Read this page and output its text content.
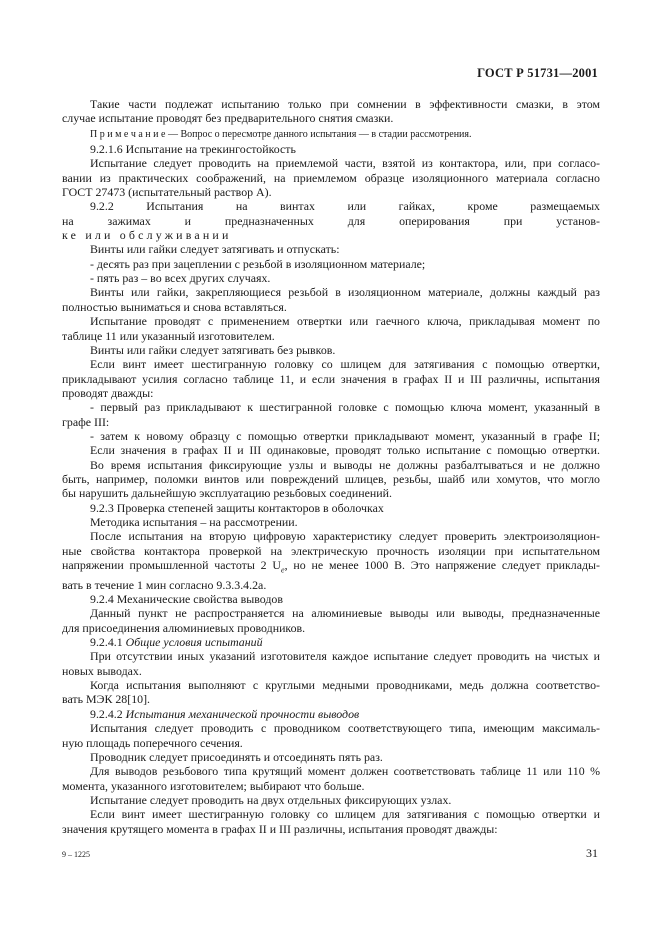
ГОСТ Р 51731—2001
Такие части подлежат испытанию только при сомнении в эффективности смазки, в этом
случае испытание проводят без предварительного снятия смазки.
П р и м е ч а н и е — Вопрос о пересмотре данного испытания — в стадии рассмотрения.
9.2.1.6 Испытание на трекингостойкость
Испытание следует проводить на приемлемой части, взятой из контактора, или, при согласо-
вании из практических соображений, на приемлемом образце изоляционного материала согласно
ГОСТ 27473 (испытательный раствор А).
9.2.2 Испытания на винтах или гайках, кроме размещаемых
на зажимах и предназначенных для оперирования при установ-
ке или обслуживании
Винты или гайки следует затягивать и отпускать:
- десять раз при зацеплении с резьбой в изоляционном материале;
- пять раз – во всех других случаях.
Винты или гайки, закрепляющиеся резьбой в изоляционном материале, должны каждый раз
полностью выниматься и снова вставляться.
Испытание проводят с применением отвертки или гаечного ключа, прикладывая момент по
таблице 11 или указанный изготовителем.
Винты или гайки следует затягивать без рывков.
Если винт имеет шестигранную головку со шлицем для затягивания с помощью отвертки,
прикладывают усилия согласно таблице 11, и если значения в графах II и III различны, испытания
проводят дважды:
- первый раз прикладывают к шестигранной головке с помощью ключа момент, указанный в
графе III:
- затем к новому образцу с помощью отвертки прикладывают момент, указанный в графе II;
Если значения в графах II и III одинаковые, проводят только испытание с помощью отвертки.
Во время испытания фиксирующие узлы и выводы не должны разбалтываться и не должно
быть, например, поломки винтов или повреждений шлицев, резьбы, шайб или хомутов, что могло
бы нарушить дальнейшую эксплуатацию резьбовых соединений.
9.2.3 Проверка степеней защиты контакторов в оболочках
Методика испытания – на рассмотрении.
После испытания на вторую цифровую характеристику следует проверить электроизоляцион-
ные свойства контактора проверкой на электрическую прочность изоляции при испытательном
напряжении промышленной частоты 2 $U_e$, но не менее 1000 В. Это напряжение следует приклады-
вать в течение 1 мин согласно 9.3.3.4.2а.
9.2.4 Механические свойства выводов
Данный пункт не распространяется на алюминиевые выводы или выводы, предназначенные
для присоединения алюминиевых проводников.
9.2.4.1 Общие условия испытаний
При отсутствии иных указаний изготовителя каждое испытание следует проводить на чистых и
новых выводах.
Когда испытания выполняют с круглыми медными проводниками, медь должна соответство-
вать МЭК 28[10].
9.2.4.2 Испытания механической прочности выводов
Испытания следует проводить с проводником соответствующего типа, имеющим максималь-
ную площадь поперечного сечения.
Проводник следует присоединять и отсоединять пять раз.
Для выводов резьбового типа крутящий момент должен соответствовать таблице 11 или 110 %
момента, указанного изготовителем; выбирают что больше.
Испытание следует проводить на двух отдельных фиксирующих узлах.
Если винт имеет шестигранную головку со шлицем для затягивания с помощью отвертки и
значения крутящего момента в графах II и III различны, испытания проводят дважды:
9 – 1225	31
